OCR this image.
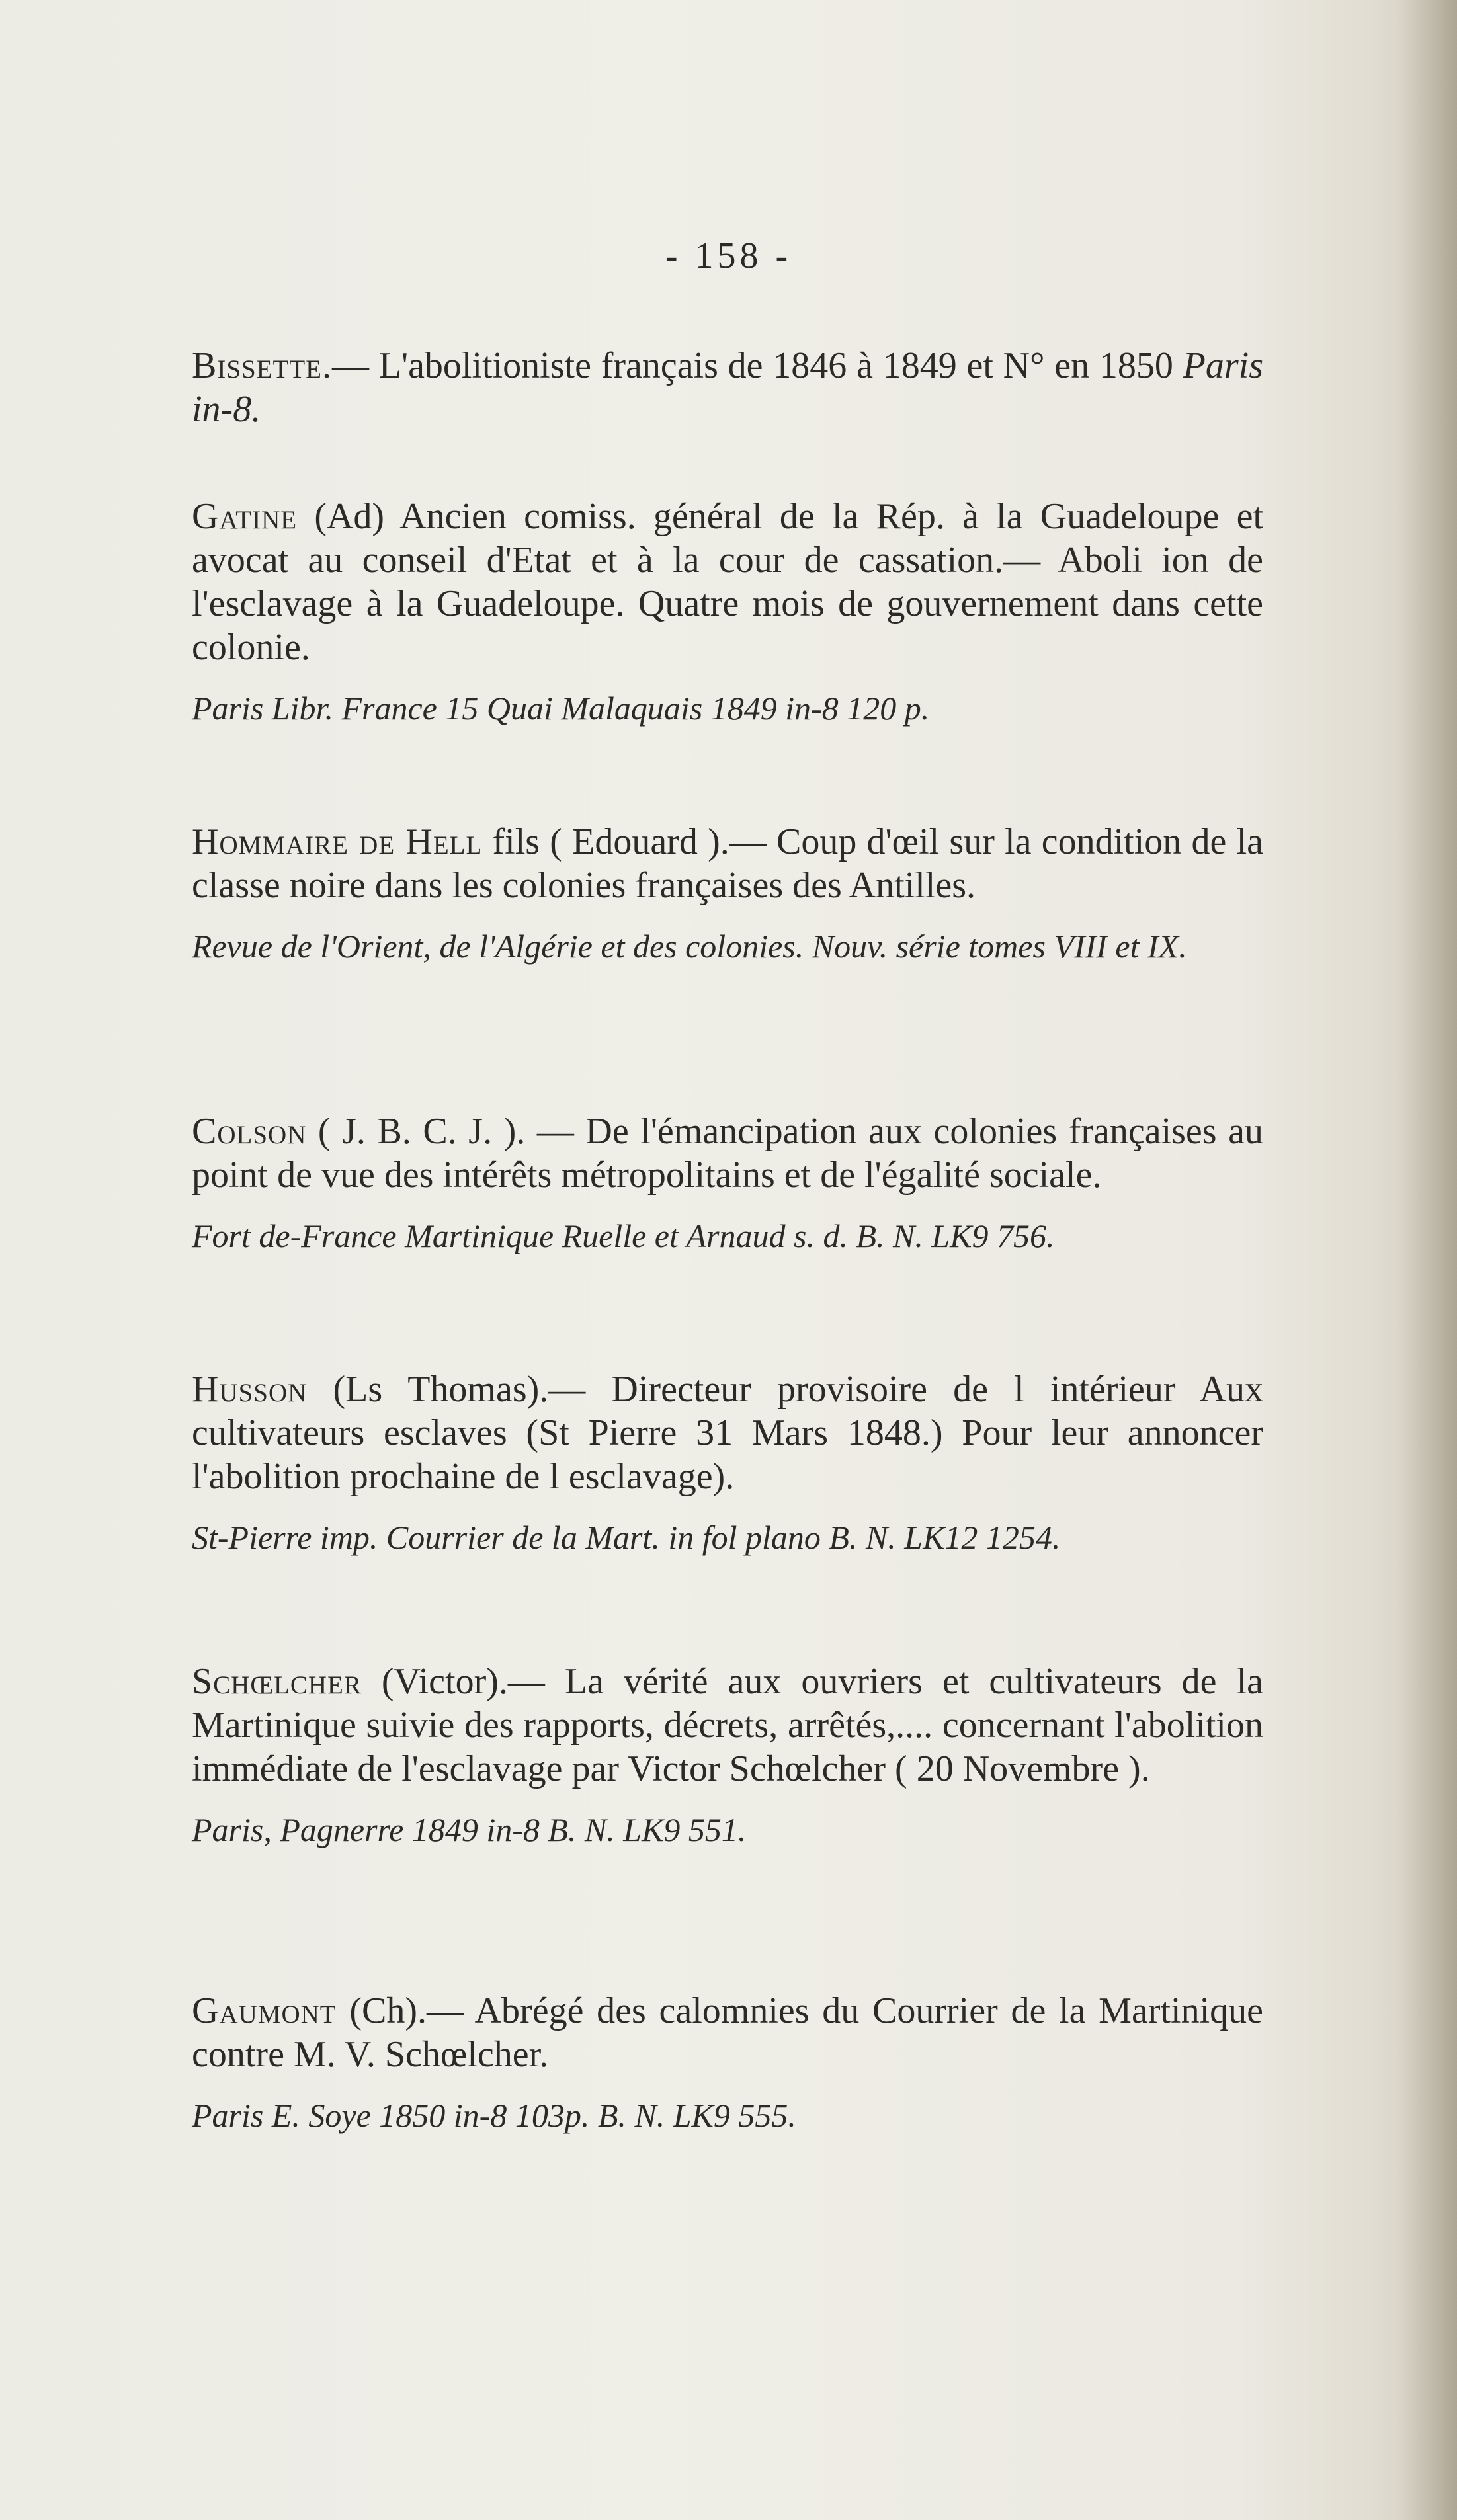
- 158 -

Bissette.— L'abolitioniste français de 1846 à 1849 et N° en 1850 Paris in-8.

Gatine (Ad) Ancien comiss. général de la Rép. à la Guadeloupe et avocat au conseil d'Etat et à la cour de cassation.— Aboli ion de l'esclavage à la Guadeloupe. Quatre mois de gouvernement dans cette colonie.

Paris Libr. France 15 Quai Malaquais 1849 in-8 120 p.

Hommaire de Hell fils ( Edouard ).— Coup d'œil sur la condition de la classe noire dans les colonies françaises des Antilles.

Revue de l'Orient, de l'Algérie et des colonies. Nouv. série tomes VIII et IX.

Colson ( J. B. C. J. ). — De l'émancipation aux colonies françaises au point de vue des intérêts métropolitains et de l'égalité sociale.

Fort de-France Martinique Ruelle et Arnaud s. d. B. N. LK9 756.

Husson (Ls Thomas).— Directeur provisoire de l intérieur Aux cultivateurs esclaves (St Pierre 31 Mars 1848.) Pour leur annoncer l'abolition prochaine de l esclavage).

St-Pierre imp. Courrier de la Mart. in fol plano B. N. LK12 1254.

Schœlcher (Victor).— La vérité aux ouvriers et cultivateurs de la Martinique suivie des rapports, décrets, arrêtés,.... concernant l'abolition immédiate de l'esclavage par Victor Schœlcher ( 20 Novembre ).

Paris, Pagnerre 1849 in-8 B. N. LK9 551.

Gaumont (Ch).— Abrégé des calomnies du Courrier de la Martinique contre M. V. Schœlcher.

Paris E. Soye 1850 in-8 103p. B. N. LK9 555.
